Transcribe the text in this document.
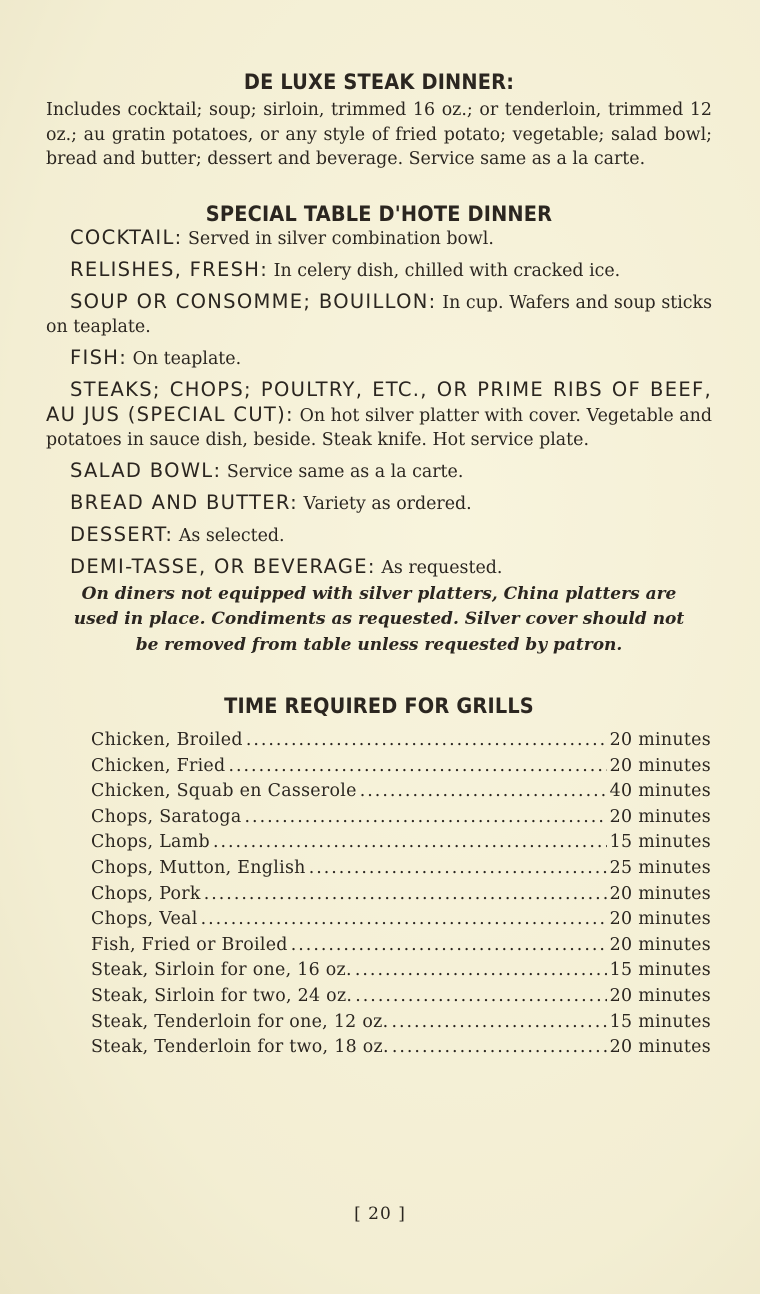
DE LUXE STEAK DINNER:

Includes cocktail; soup; sirloin, trimmed 16 oz.; or tenderloin, trimmed 12 oz.; au gratin potatoes, or any style of fried potato; vegetable; salad bowl; bread and butter; dessert and beverage. Service same as a la carte.

SPECIAL TABLE D'HOTE DINNER

COCKTAIL: Served in silver combination bowl.

RELISHES, FRESH: In celery dish, chilled with cracked ice.

SOUP OR CONSOMME; BOUILLON: In cup. Wafers and soup sticks on teaplate.

FISH: On teaplate.

STEAKS; CHOPS; POULTRY, ETC., OR PRIME RIBS OF BEEF, AU JUS (SPECIAL CUT): On hot silver platter with cover. Vegetable and potatoes in sauce dish, beside. Steak knife. Hot service plate.

SALAD BOWL: Service same as a la carte.

BREAD AND BUTTER: Variety as ordered.

DESSERT: As selected.

DEMI-TASSE, OR BEVERAGE: As requested.

On diners not equipped with silver platters, China platters are used in place. Condiments as requested. Silver cover should not be removed from table unless requested by patron.

TIME REQUIRED FOR GRILLS
Chicken, Broiled .....	20 minutes
Chicken, Fried .....	20 minutes
Chicken, Squab en Casserole .....	40 minutes
Chops, Saratoga .....	20 minutes
Chops, Lamb .....	15 minutes
Chops, Mutton, English .....	25 minutes
Chops, Pork .....	20 minutes
Chops, Veal .....	20 minutes
Fish, Fried or Broiled .....	20 minutes
Steak, Sirloin for one, 16 oz. .....	15 minutes
Steak, Sirloin for two, 24 oz. .....	20 minutes
Steak, Tenderloin for one, 12 oz. .....	15 minutes
Steak, Tenderloin for two, 18 oz. .....	20 minutes
[ 20 ]
